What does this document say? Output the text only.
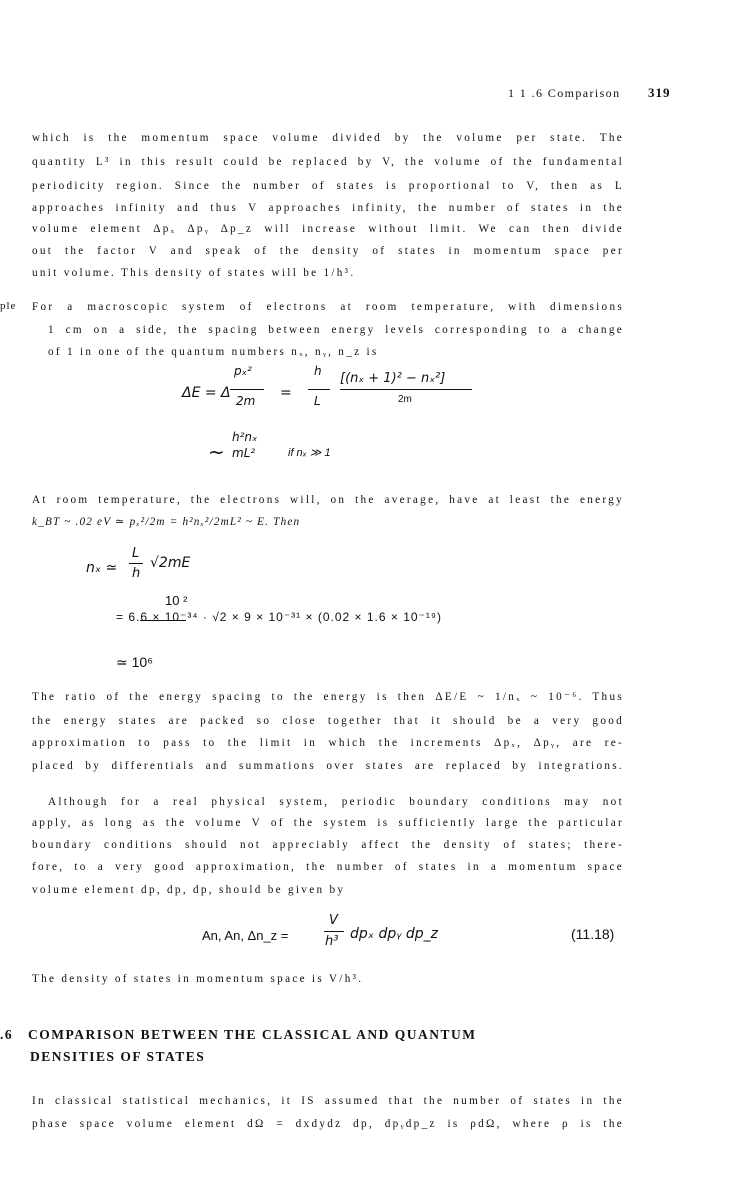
1 1 .6 Comparison 319
which is the momentum space volume divided by the volume per state. The
quantity L³ in this result could be replaced by V, the volume of the fundamental
periodicity region. Since the number of states is proportional to V, then as L
approaches infinity and thus V approaches infinity, the number of states in the
volume element Δpₓ Δpᵧ Δp_z will increase without limit. We can then divide
out the factor V and speak of the density of states in momentum space per
unit volume. This density of states will be 1/h³.
ple For a macroscopic system of electrons at room temperature, with dimensions
1 cm on a side, the spacing between energy levels corresponding to a change
of 1 in one of the quantum numbers nₓ, nᵧ, n_z is
ΔE = Δ
pₓ²
2m =
h
L
[(nₓ + 1)² − nₓ²]
2m
~
h²nₓ
mL²	if nₓ ≫ 1
At room temperature, the electrons will, on the average, have at least the energy
k_BT ~ .02 eV ≃ pₓ²/2m = h²nₓ²/2mL² ~ E. Then
nₓ ≃
L
h
√2mE
10 ²
= 6.6 × 10⁻³⁴ · √2 × 9 × 10⁻³¹ × (0.02 × 1.6 × 10⁻¹⁹)
≃ 10⁶
The ratio of the energy spacing to the energy is then ΔE/E ~ 1/nₓ ~ 10⁻⁶. Thus
the energy states are packed so close together that it should be a very good
approximation to pass to the limit in which the increments Δpₓ, Δpᵧ, are re-
placed by differentials and summations over states are replaced by integrations.
Although for a real physical system, periodic boundary conditions may not
apply, as long as the volume V of the system is sufficiently large the particular
boundary conditions should not appreciably affect the density of states; there-
fore, to a very good approximation, the number of states in a momentum space
volume element dp, dp, dp, should be given by
An, An, Δn_z =
V
h³ dpₓ dpᵧ dp_z	(11.18)
The density of states in momentum space is V/h³.
.6 COMPARISON BETWEEN THE CLASSICAL AND QUANTUM
DENSITIES OF STATES
In classical statistical mechanics, it IS assumed that the number of states in the
phase space volume element dΩ = dxdydz dp, dpᵧdp_z is ρdΩ, where ρ is the
